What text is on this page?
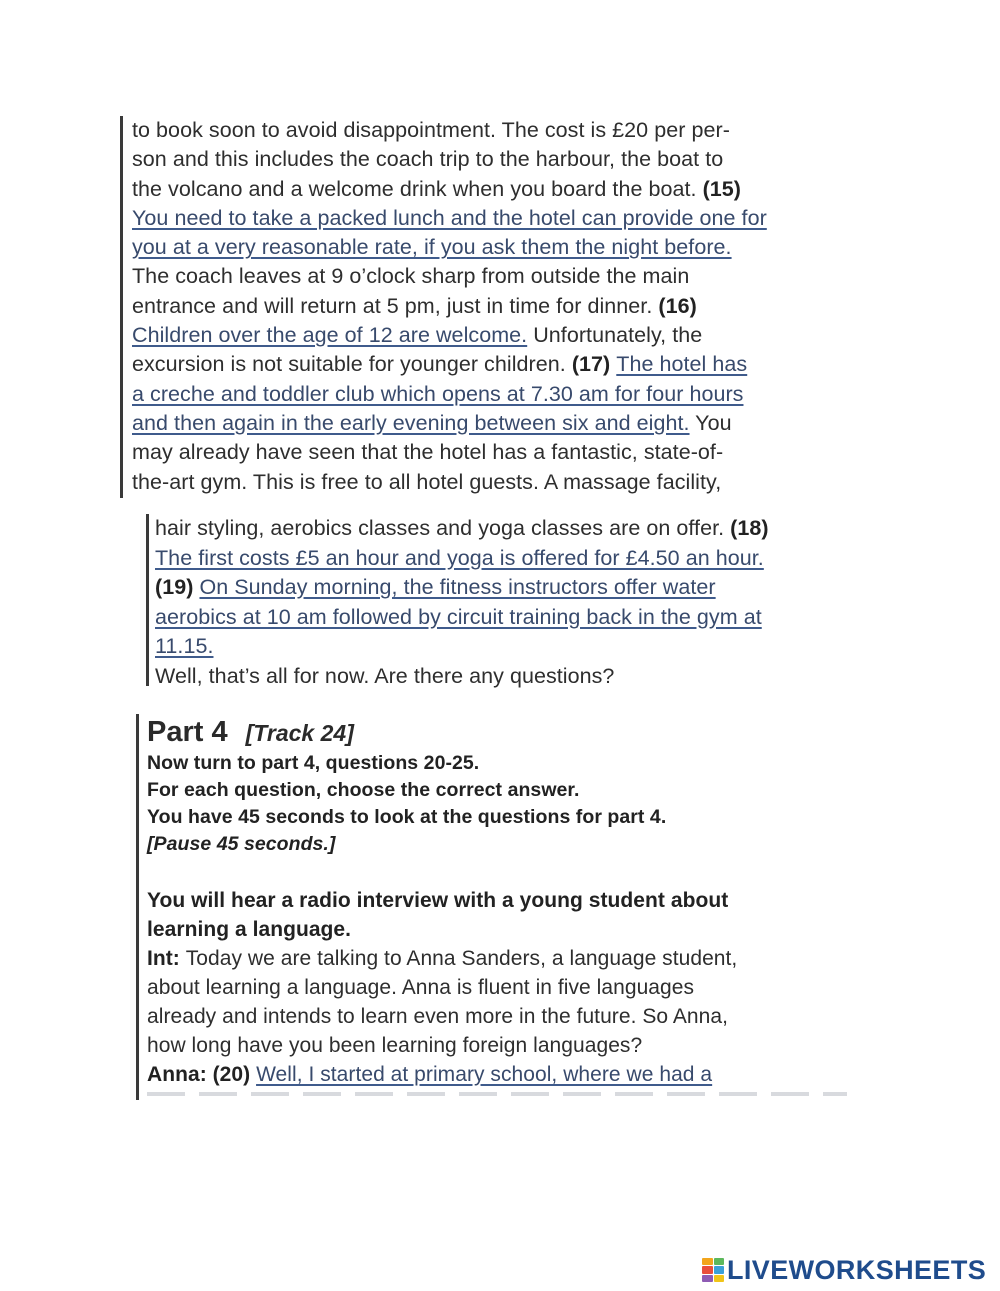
to book soon to avoid disappointment. The cost is £20 per per-
son and this includes the coach trip to the harbour, the boat to
the volcano and a welcome drink when you board the boat. (15)
You need to take a packed lunch and the hotel can provide one for
you at a very reasonable rate, if you ask them the night before.
The coach leaves at 9 o’clock sharp from outside the main
entrance and will return at 5 pm, just in time for dinner. (16)
Children over the age of 12 are welcome. Unfortunately, the
excursion is not suitable for younger children. (17) The hotel has
a creche and toddler club which opens at 7.30 am for four hours
and then again in the early evening between six and eight. You
may already have seen that the hotel has a fantastic, state-of-
the-art gym. This is free to all hotel guests. A massage facility,
hair styling, aerobics classes and yoga classes are on offer. (18)
The first costs £5 an hour and yoga is offered for £4.50 an hour.
(19) On Sunday morning, the fitness instructors offer water
aerobics at 10 am followed by circuit training back in the gym at
11.15.
Well, that’s all for now. Are there any questions?
Part 4 [Track 24]
Now turn to part 4, questions 20-25.
For each question, choose the correct answer.
You have 45 seconds to look at the questions for part 4.
[Pause 45 seconds.]
You will hear a radio interview with a young student about
learning a language.
Int: Today we are talking to Anna Sanders, a language student,
about learning a language. Anna is fluent in five languages
already and intends to learn even more in the future. So Anna,
how long have you been learning foreign languages?
Anna: (20) Well, I started at primary school, where we had a
LIVEWORKSHEETS
